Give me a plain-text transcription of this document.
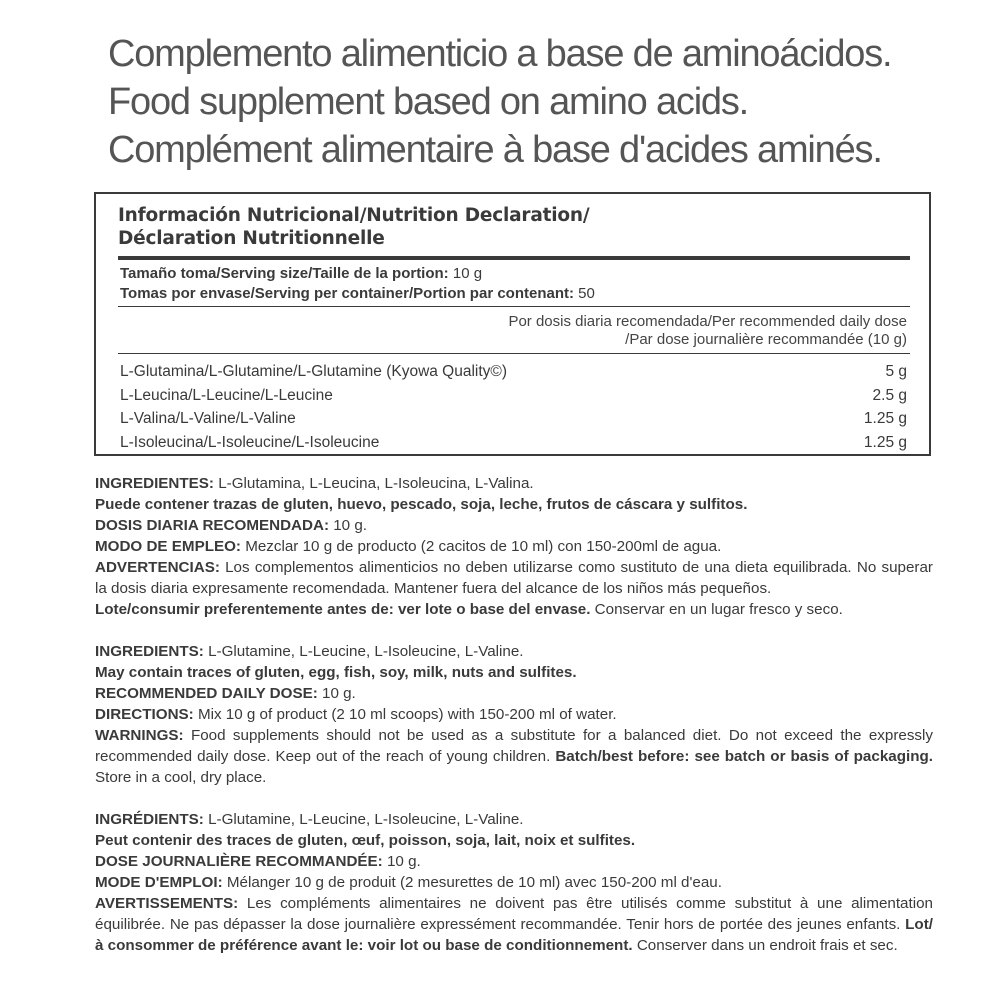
Complemento alimenticio a base de aminoácidos.
Food supplement based on amino acids.
Complément alimentaire à base d'acides aminés.
Información Nutricional/Nutrition Declaration/
Déclaration Nutritionnelle
Tamaño toma/Serving size/Taille de la portion: 10 g
Tomas por envase/Serving per container/Portion par contenant: 50
Por dosis diaria recomendada/Per recommended daily dose
/Par dose journalière recommandée (10 g)
L-Glutamina/L-Glutamine/L-Glutamine (Kyowa Quality©)	5 g
L-Leucina/L-Leucine/L-Leucine	2.5 g
L-Valina/L-Valine/L-Valine	1.25 g
L-Isoleucina/L-Isoleucine/L-Isoleucine	1.25 g

INGREDIENTES: L-Glutamina, L-Leucina, L-Isoleucina, L-Valina.

Puede contener trazas de gluten, huevo, pescado, soja, leche, frutos de cáscara y sulfitos.

DOSIS DIARIA RECOMENDADA: 10 g.

MODO DE EMPLEO: Mezclar 10 g de producto (2 cacitos de 10 ml) con 150-200ml de agua.

ADVERTENCIAS: Los complementos alimenticios no deben utilizarse como sustituto de una dieta equilibrada. No superar la dosis diaria expresamente recomendada. Mantener fuera del alcance de los niños más pequeños.

Lote/consumir preferentemente antes de: ver lote o base del envase. Conservar en un lugar fresco y seco.

INGREDIENTS: L-Glutamine, L-Leucine, L-Isoleucine, L-Valine.

May contain traces of gluten, egg, fish, soy, milk, nuts and sulfites.

RECOMMENDED DAILY DOSE: 10 g.

DIRECTIONS: Mix 10 g of product (2 10 ml scoops) with 150-200 ml of water.

WARNINGS: Food supplements should not be used as a substitute for a balanced diet. Do not exceed the expressly recommended daily dose. Keep out of the reach of young children. Batch/best before: see batch or basis of packaging. Store in a cool, dry place.

INGRÉDIENTS: L-Glutamine, L-Leucine, L-Isoleucine, L-Valine.

Peut contenir des traces de gluten, œuf, poisson, soja, lait, noix et sulfites.

DOSE JOURNALIÈRE RECOMMANDÉE: 10 g.

MODE D'EMPLOI: Mélanger 10 g de produit (2 mesurettes de 10 ml) avec 150-200 ml d'eau.

AVERTISSEMENTS: Les compléments alimentaires ne doivent pas être utilisés comme substitut à une alimentation équilibrée. Ne pas dépasser la dose journalière expressément recommandée. Tenir hors de portée des jeunes enfants. Lot/à consommer de préférence avant le: voir lot ou base de conditionnement. Conserver dans un endroit frais et sec.
